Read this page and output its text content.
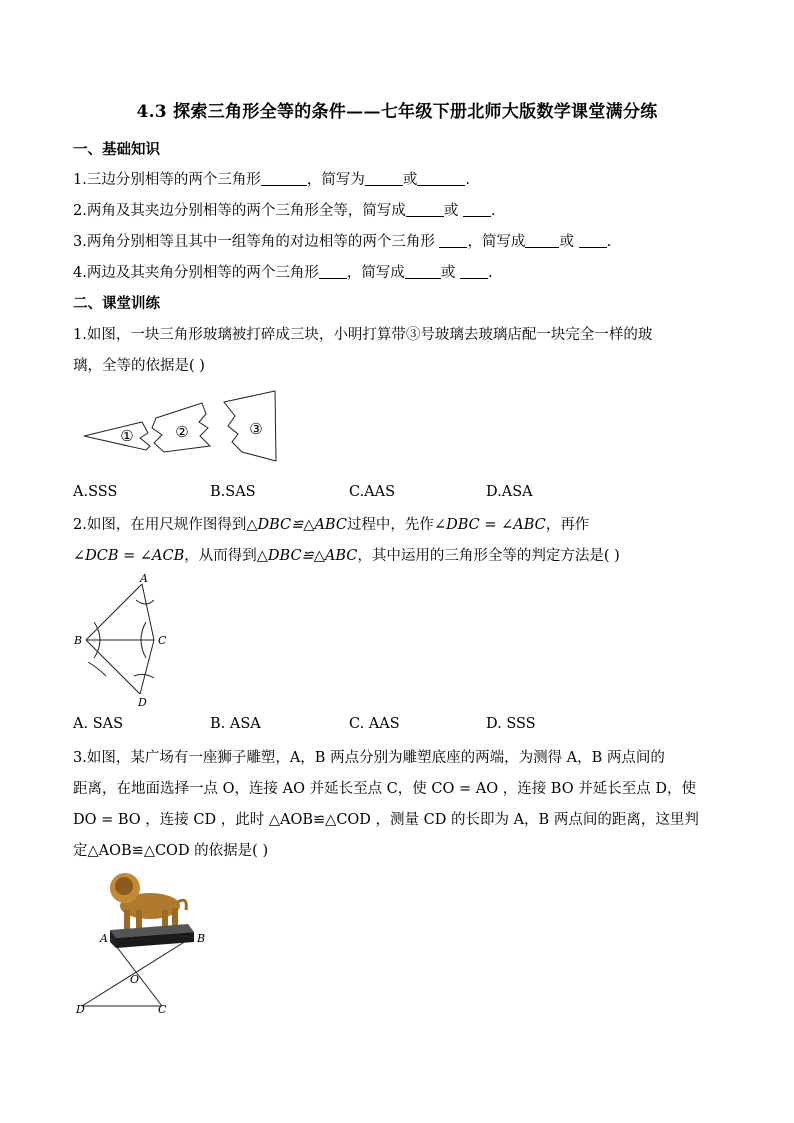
4.3 探索三角形全等的条件——七年级下册北师大版数学课堂满分练
一、基础知识
1.三边分别相等的两个三角形	，简写为	或	.
2.两角及其夹边分别相等的两个三角形全等，简写成	或 .
3.两角分别相等且其中一组等角的对边相等的两个三角形 ，简写成 或 .
4.两边及其夹角分别相等的两个三角形 ，简写成 或 .
二、课堂训练
1.如图，一块三角形玻璃被打碎成三块，小明打算带③号玻璃去玻璃店配一块完全一样的玻
璃，全等的依据是( )
①	②	③
A.SSS	B.SAS	C.AAS	D.ASA
2.如图，在用尺规作图得到△DBC≌△ABC过程中，先作∠DBC = ∠ABC，再作
∠DCB = ∠ACB，从而得到△DBC≌△ABC，其中运用的三角形全等的判定方法是( )
A
B	C
D
A. SAS	B. ASA	C. AAS	D. SSS
3.如图，某广场有一座狮子雕塑，A，B 两点分别为雕塑底座的两端，为测得 A，B 两点间的
距离，在地面选择一点 O，连接 AO 并延长至点 C，使 CO = AO ，连接 BO 并延长至点 D，使
DO = BO ，连接 CD ，此时 △AOB≌△COD ，测量 CD 的长即为 A，B 两点间的距离，这里判
定△AOB≌△COD 的依据是( )
A	B
O
D	C
